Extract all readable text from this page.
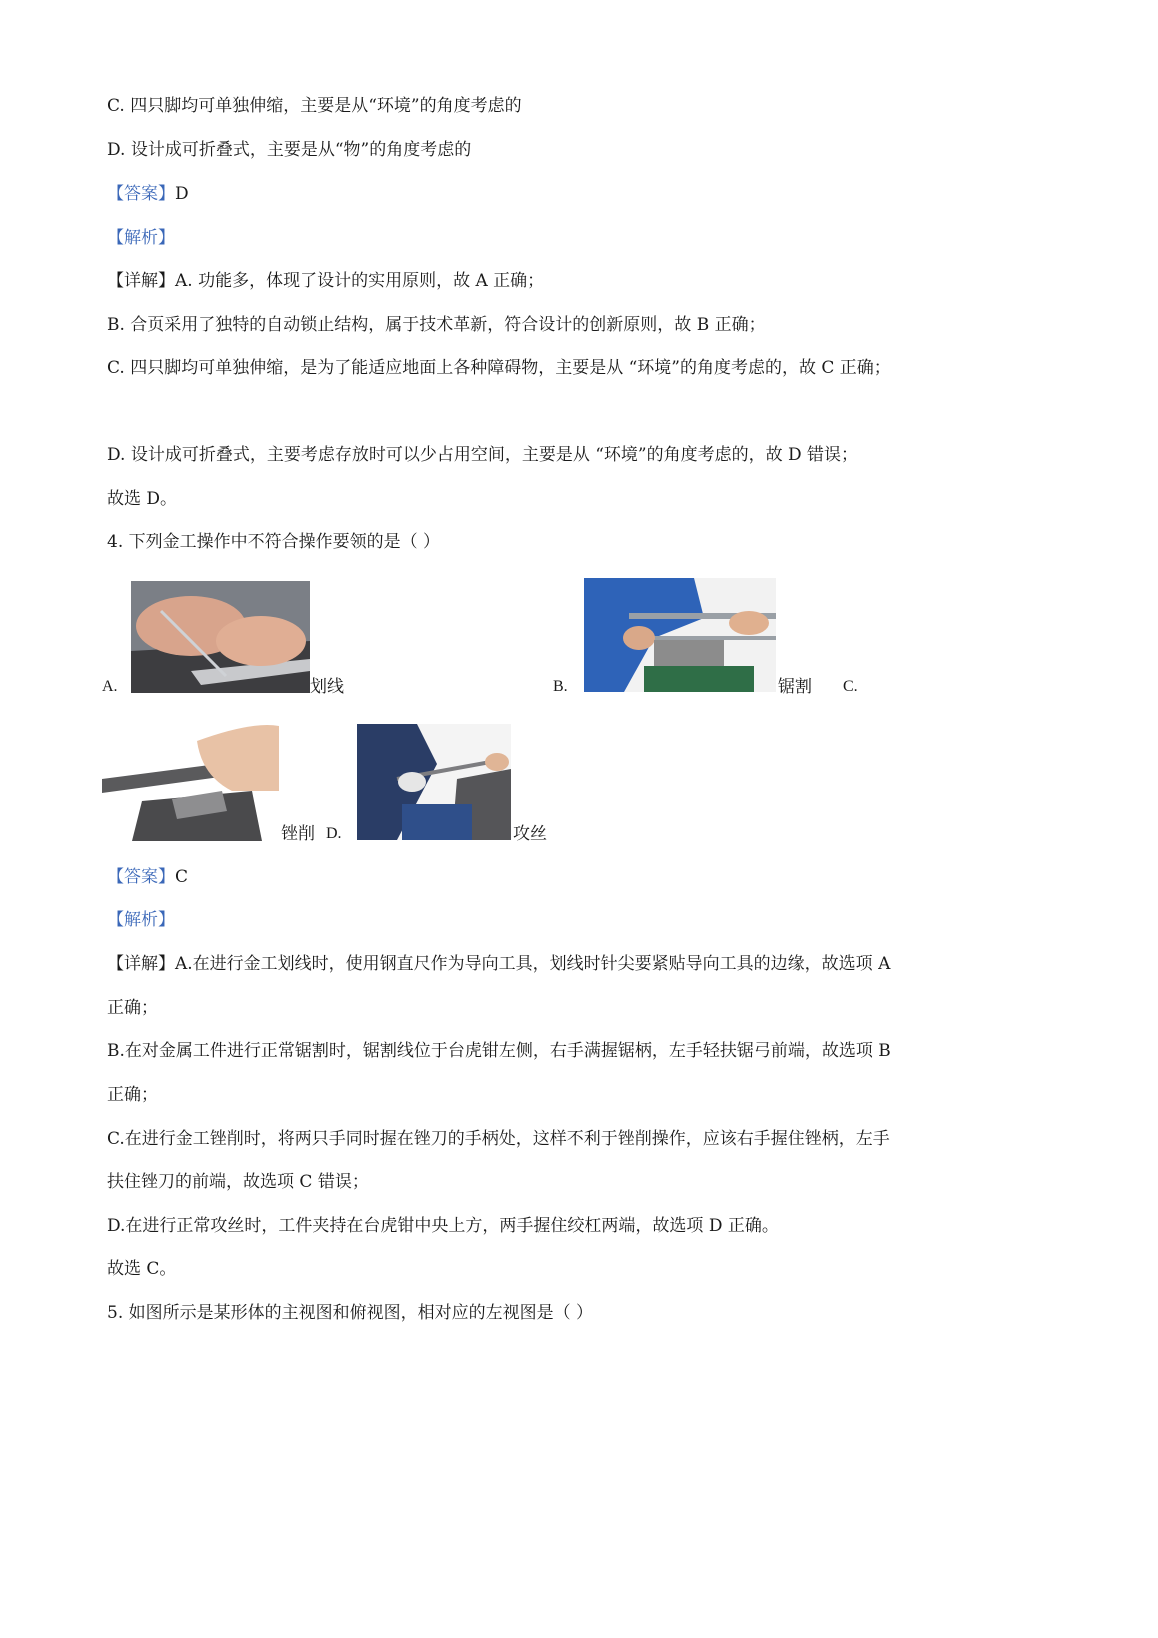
C. 四只脚均可单独伸缩，主要是从“环境”的角度考虑的
D. 设计成可折叠式，主要是从“物”的角度考虑的
【答案】D
【解析】
【详解】A. 功能多，体现了设计的实用原则，故 A 正确；
B. 合页采用了独特的自动锁止结构，属于技术革新，符合设计的创新原则，故 B 正确；
C. 四只脚均可单独伸缩，是为了能适应地面上各种障碍物，主要是从 “环境”的角度考虑的，故 C 正确；
D. 设计成可折叠式，主要考虑存放时可以少占用空间，主要是从 “环境”的角度考虑的，故 D 错误；
故选 D。
4. 下列金工操作中不符合操作要领的是（ ）
A.	划线	B.	锯割 C.
锉削 D.	攻丝
【答案】C
【解析】
【详解】A.在进行金工划线时，使用钢直尺作为导向工具，划线时针尖要紧贴导向工具的边缘，故选项 A
正确；
B.在对金属工件进行正常锯割时，锯割线位于台虎钳左侧，右手满握锯柄，左手轻扶锯弓前端，故选项 B
正确；
C.在进行金工锉削时，将两只手同时握在锉刀的手柄处，这样不利于锉削操作，应该右手握住锉柄，左手
扶住锉刀的前端，故选项 C 错误；
D.在进行正常攻丝时，工件夹持在台虎钳中央上方，两手握住绞杠两端，故选项 D 正确。
故选 C。
5. 如图所示是某形体的主视图和俯视图，相对应的左视图是（ ）
